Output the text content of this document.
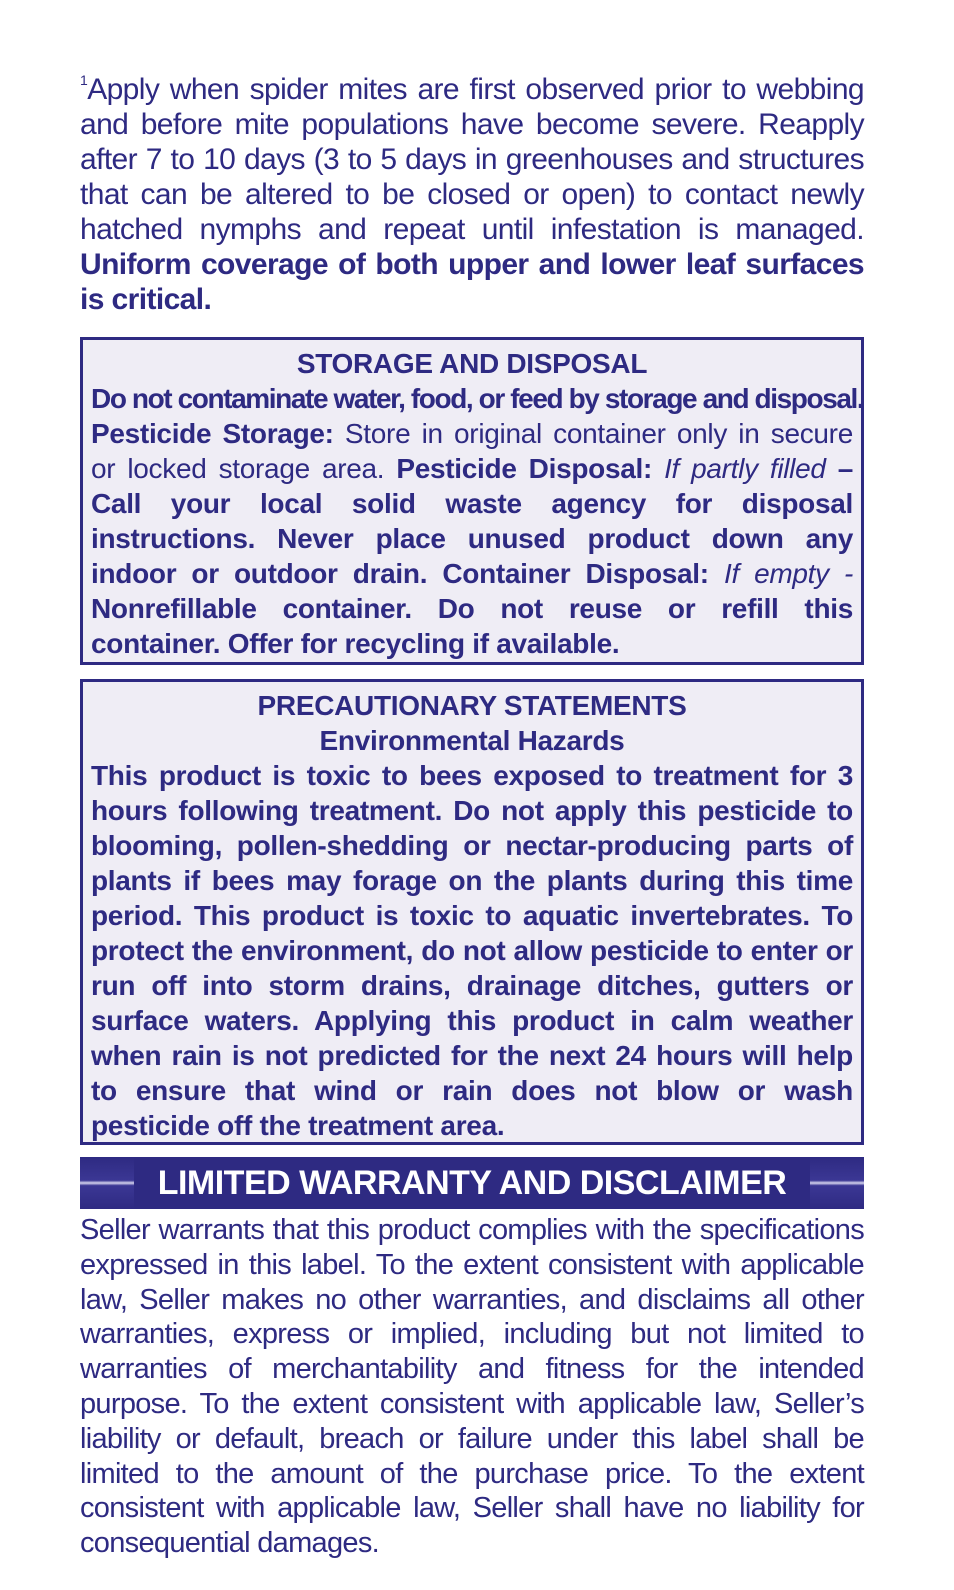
$^1$Apply when spider mites are first observed prior to webbing and before mite populations have become severe. Reapply after 7 to 10 days (3 to 5 days in greenhouses and structures that can be altered to be closed or open) to contact newly hatched nymphs and repeat until infestation is managed. Uniform coverage of both upper and lower leaf surfaces is critical.

STORAGE AND DISPOSAL

Do not contaminate water, food, or feed by storage and disposal.

Pesticide Storage: Store in original container only in secure or locked storage area. Pesticide Disposal: If partly filled – Call your local solid waste agency for disposal instructions. Never place unused product down any indoor or outdoor drain. Container Disposal: If empty - Nonrefillable container. Do not reuse or refill this container. Offer for recycling if available.

PRECAUTIONARY STATEMENTS
Environmental Hazards

This product is toxic to bees exposed to treatment for 3 hours following treatment. Do not apply this pesticide to blooming, pollen-shedding or nectar-producing parts of plants if bees may forage on the plants during this time period. This product is toxic to aquatic invertebrates. To protect the environment, do not allow pesticide to enter or run off into storm drains, drainage ditches, gutters or surface waters. Applying this product in calm weather when rain is not predicted for the next 24 hours will help to ensure that wind or rain does not blow or wash pesticide off the treatment area.

LIMITED WARRANTY AND DISCLAIMER

Seller warrants that this product complies with the specifications expressed in this label. To the extent consistent with applicable law, Seller makes no other warranties, and disclaims all other warranties, express or implied, including but not limited to warranties of merchantability and fitness for the intended purpose. To the extent consistent with applicable law, Seller’s liability or default, breach or failure under this label shall be limited to the amount of the purchase price. To the extent consistent with applicable law, Seller shall have no liability for consequential damages.
